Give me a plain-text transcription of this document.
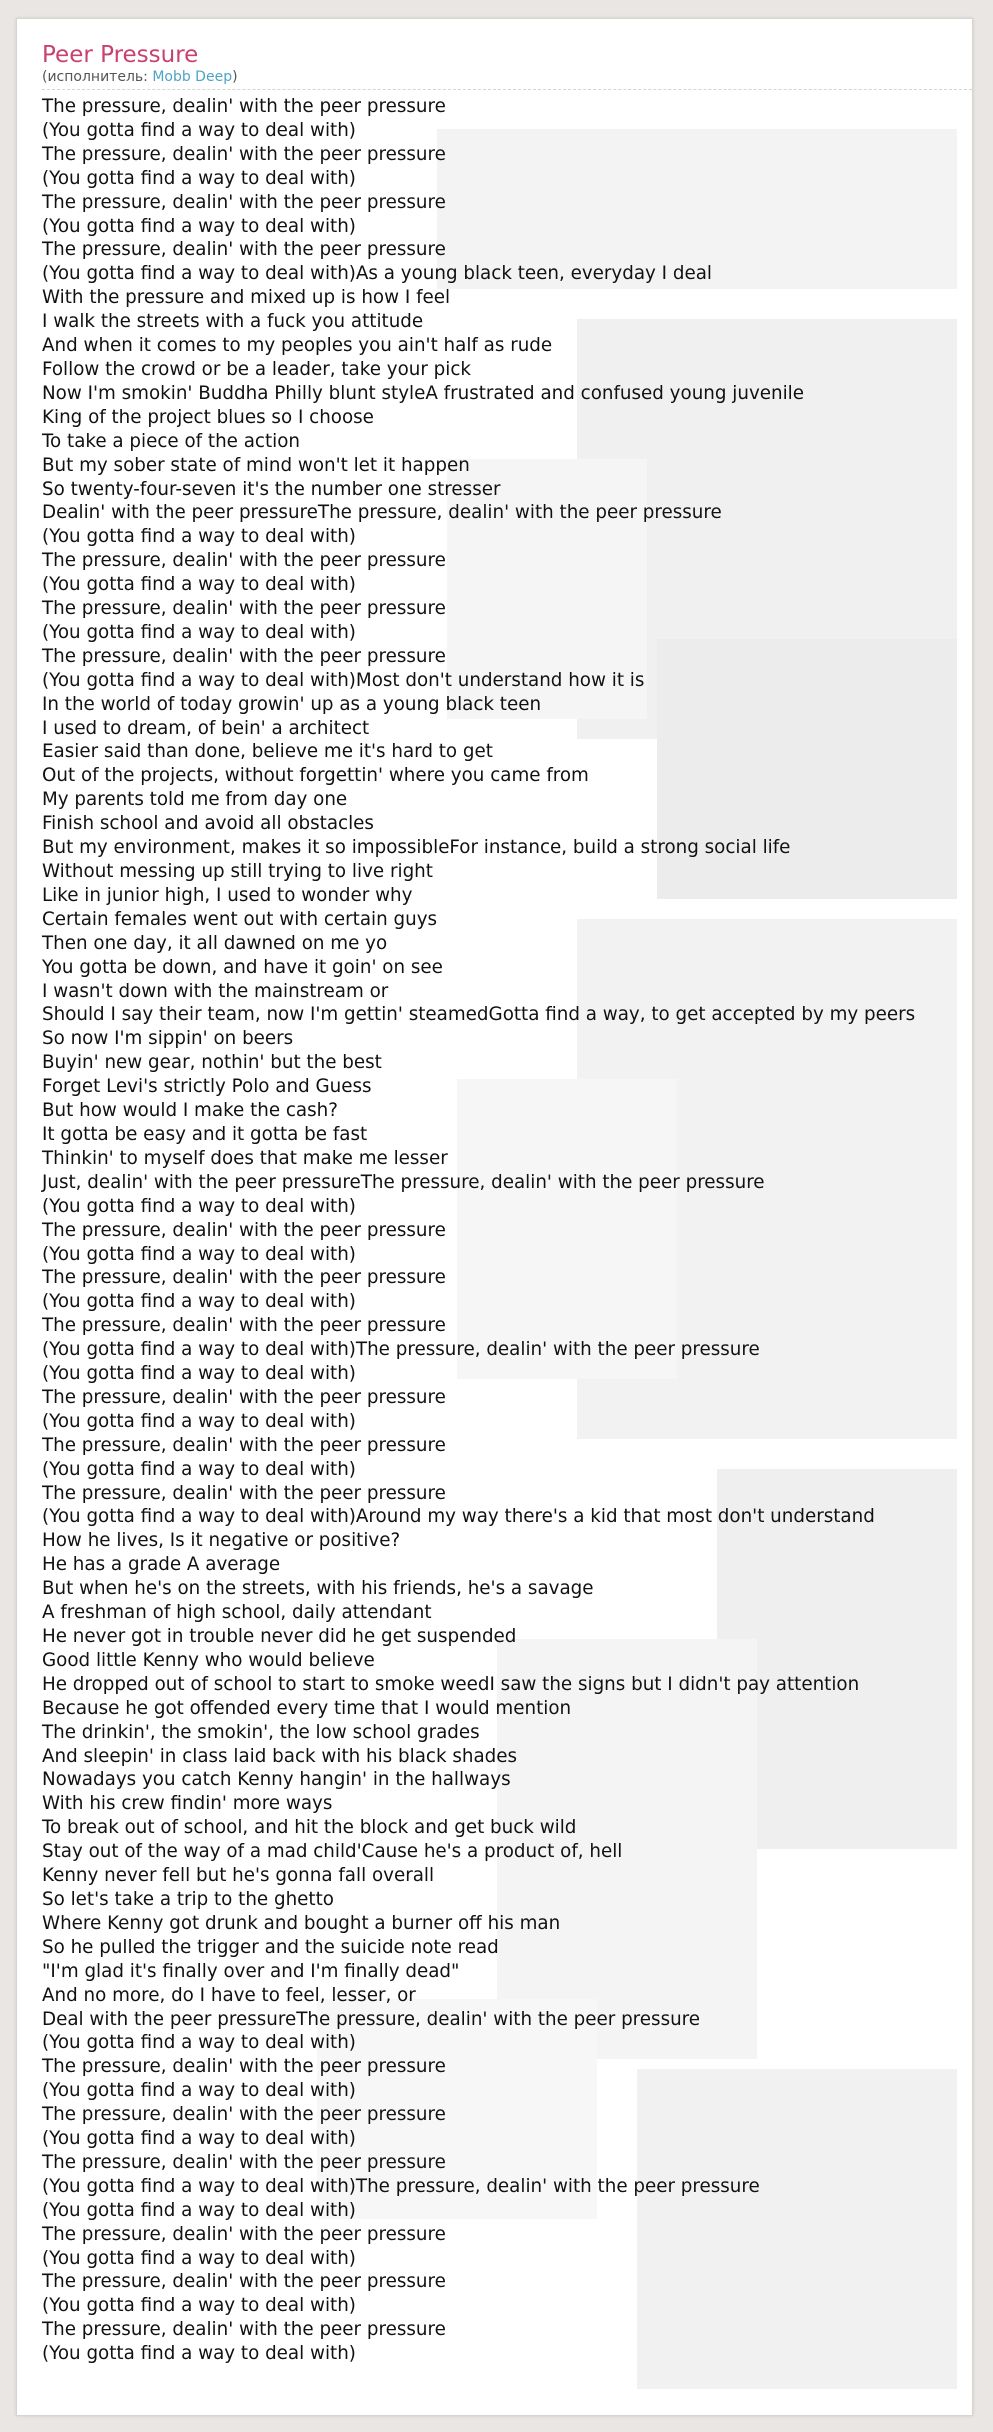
Peer Pressure
(исполнитель: Mobb Deep)
The pressure, dealin' with the peer pressure
(You gotta find a way to deal with)
The pressure, dealin' with the peer pressure
(You gotta find a way to deal with)
The pressure, dealin' with the peer pressure
(You gotta find a way to deal with)
The pressure, dealin' with the peer pressure
(You gotta find a way to deal with)As a young black teen, everyday I deal
With the pressure and mixed up is how I feel
I walk the streets with a fuck you attitude
And when it comes to my peoples you ain't half as rude
Follow the crowd or be a leader, take your pick
Now I'm smokin' Buddha Philly blunt styleA frustrated and confused young juvenile
King of the project blues so I choose
To take a piece of the action
But my sober state of mind won't let it happen
So twenty-four-seven it's the number one stresser
Dealin' with the peer pressureThe pressure, dealin' with the peer pressure
(You gotta find a way to deal with)
The pressure, dealin' with the peer pressure
(You gotta find a way to deal with)
The pressure, dealin' with the peer pressure
(You gotta find a way to deal with)
The pressure, dealin' with the peer pressure
(You gotta find a way to deal with)Most don't understand how it is
In the world of today growin' up as a young black teen
I used to dream, of bein' a architect
Easier said than done, believe me it's hard to get
Out of the projects, without forgettin' where you came from
My parents told me from day one
Finish school and avoid all obstacles
But my environment, makes it so impossibleFor instance, build a strong social life
Without messing up still trying to live right
Like in junior high, I used to wonder why
Certain females went out with certain guys
Then one day, it all dawned on me yo
You gotta be down, and have it goin' on see
I wasn't down with the mainstream or
Should I say their team, now I'm gettin' steamedGotta find a way, to get accepted by my peers
So now I'm sippin' on beers
Buyin' new gear, nothin' but the best
Forget Levi's strictly Polo and Guess
But how would I make the cash?
It gotta be easy and it gotta be fast
Thinkin' to myself does that make me lesser
Just, dealin' with the peer pressureThe pressure, dealin' with the peer pressure
(You gotta find a way to deal with)
The pressure, dealin' with the peer pressure
(You gotta find a way to deal with)
The pressure, dealin' with the peer pressure
(You gotta find a way to deal with)
The pressure, dealin' with the peer pressure
(You gotta find a way to deal with)The pressure, dealin' with the peer pressure
(You gotta find a way to deal with)
The pressure, dealin' with the peer pressure
(You gotta find a way to deal with)
The pressure, dealin' with the peer pressure
(You gotta find a way to deal with)
The pressure, dealin' with the peer pressure
(You gotta find a way to deal with)Around my way there's a kid that most don't understand
How he lives, Is it negative or positive?
He has a grade A average
But when he's on the streets, with his friends, he's a savage
A freshman of high school, daily attendant
He never got in trouble never did he get suspended
Good little Kenny who would believe
He dropped out of school to start to smoke weedI saw the signs but I didn't pay attention
Because he got offended every time that I would mention
The drinkin', the smokin', the low school grades
And sleepin' in class laid back with his black shades
Nowadays you catch Kenny hangin' in the hallways
With his crew findin' more ways
To break out of school, and hit the block and get buck wild
Stay out of the way of a mad child'Cause he's a product of, hell
Kenny never fell but he's gonna fall overall
So let's take a trip to the ghetto
Where Kenny got drunk and bought a burner off his man
So he pulled the trigger and the suicide note read
"I'm glad it's finally over and I'm finally dead"
And no more, do I have to feel, lesser, or
Deal with the peer pressureThe pressure, dealin' with the peer pressure
(You gotta find a way to deal with)
The pressure, dealin' with the peer pressure
(You gotta find a way to deal with)
The pressure, dealin' with the peer pressure
(You gotta find a way to deal with)
The pressure, dealin' with the peer pressure
(You gotta find a way to deal with)The pressure, dealin' with the peer pressure
(You gotta find a way to deal with)
The pressure, dealin' with the peer pressure
(You gotta find a way to deal with)
The pressure, dealin' with the peer pressure
(You gotta find a way to deal with)
The pressure, dealin' with the peer pressure
(You gotta find a way to deal with)
